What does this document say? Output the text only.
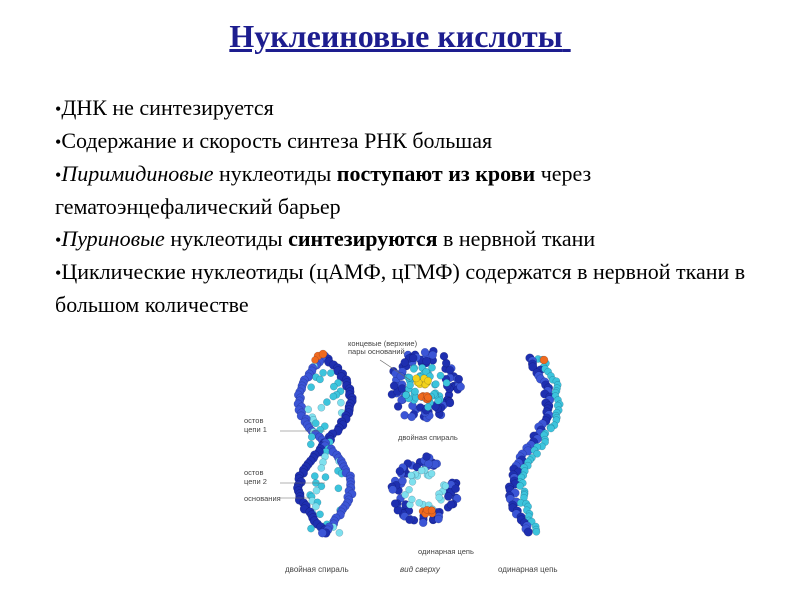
Нуклеиновые кислоты

•ДНК не синтезируется

•Содержание и скорость синтеза РНК большая

•Пиримидиновые нуклеотиды поступают из крови через гематоэнцефалический барьер

•Пуриновые нуклеотиды синтезируются в нервной ткани

•Циклические нуклеотиды (цАМФ, цГМФ) содержатся в нервной ткани в большом количестве

концевые (верхние)
пары оснований
остов
цепи 1
остов
цепи 2
основания
двойная спираль
одинарная цепь
двойная спираль	вид сверху	одинарная цепь
